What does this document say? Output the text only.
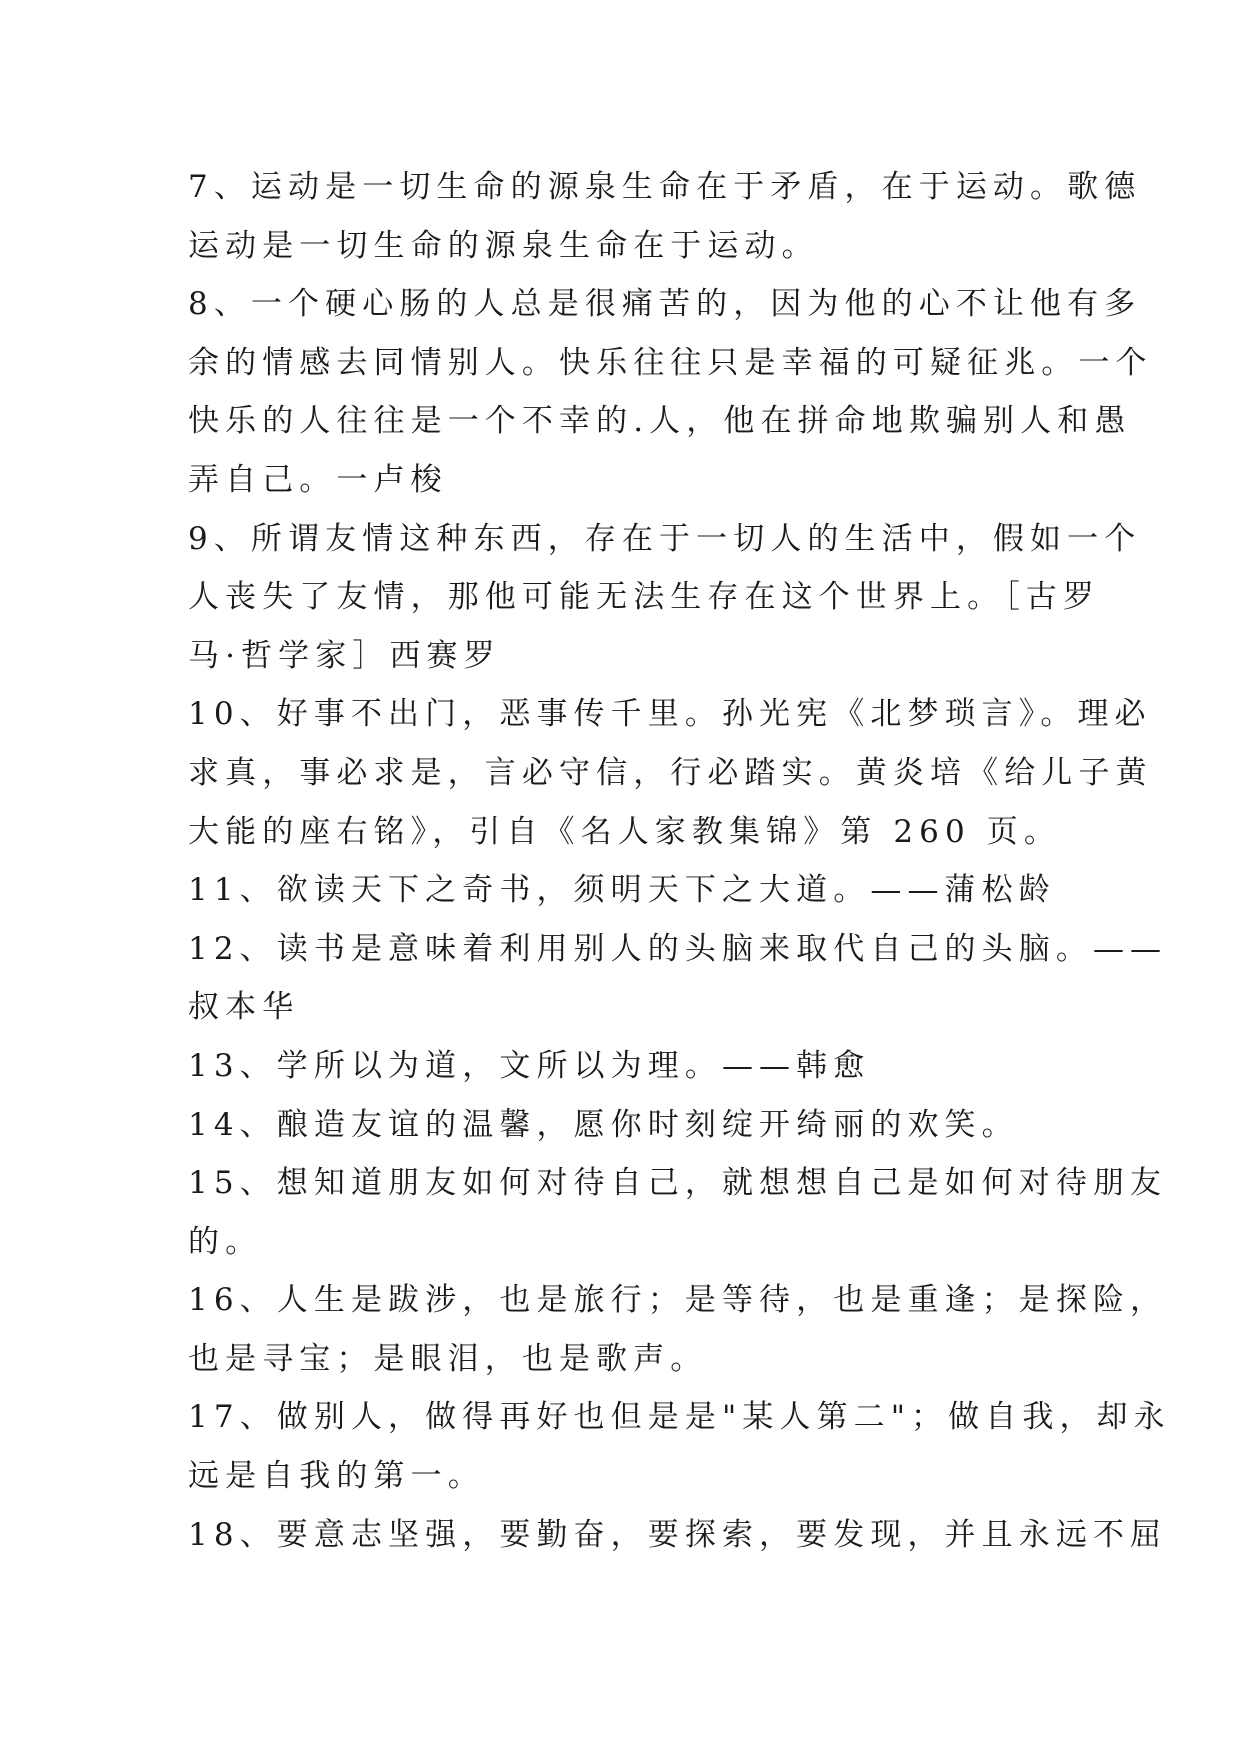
7、运动是一切生命的源泉生命在于矛盾，在于运动。歌德
运动是一切生命的源泉生命在于运动。
8、一个硬心肠的人总是很痛苦的，因为他的心不让他有多
余的情感去同情别人。快乐往往只是幸福的可疑征兆。一个
快乐的人往往是一个不幸的.人，他在拼命地欺骗别人和愚
弄自己。一卢梭
9、所谓友情这种东西，存在于一切人的生活中，假如一个
人丧失了友情，那他可能无法生存在这个世界上。［古罗
马·哲学家］西赛罗
10、好事不出门，恶事传千里。孙光宪《北梦琐言》。理必
求真，事必求是，言必守信，行必踏实。黄炎培《给儿子黄
大能的座右铭》，引自《名人家教集锦》第 260 页。
11、欲读天下之奇书，须明天下之大道。——蒲松龄
12、读书是意味着利用别人的头脑来取代自己的头脑。——
叔本华
13、学所以为道，文所以为理。——韩愈
14、酿造友谊的温馨，愿你时刻绽开绮丽的欢笑。
15、想知道朋友如何对待自己，就想想自己是如何对待朋友
的。
16、人生是跋涉，也是旅行；是等待，也是重逢；是探险，
也是寻宝；是眼泪，也是歌声。
17、做别人，做得再好也但是是"某人第二"；做自我，却永
远是自我的第一。
18、要意志坚强，要勤奋，要探索，要发现，并且永远不屈
